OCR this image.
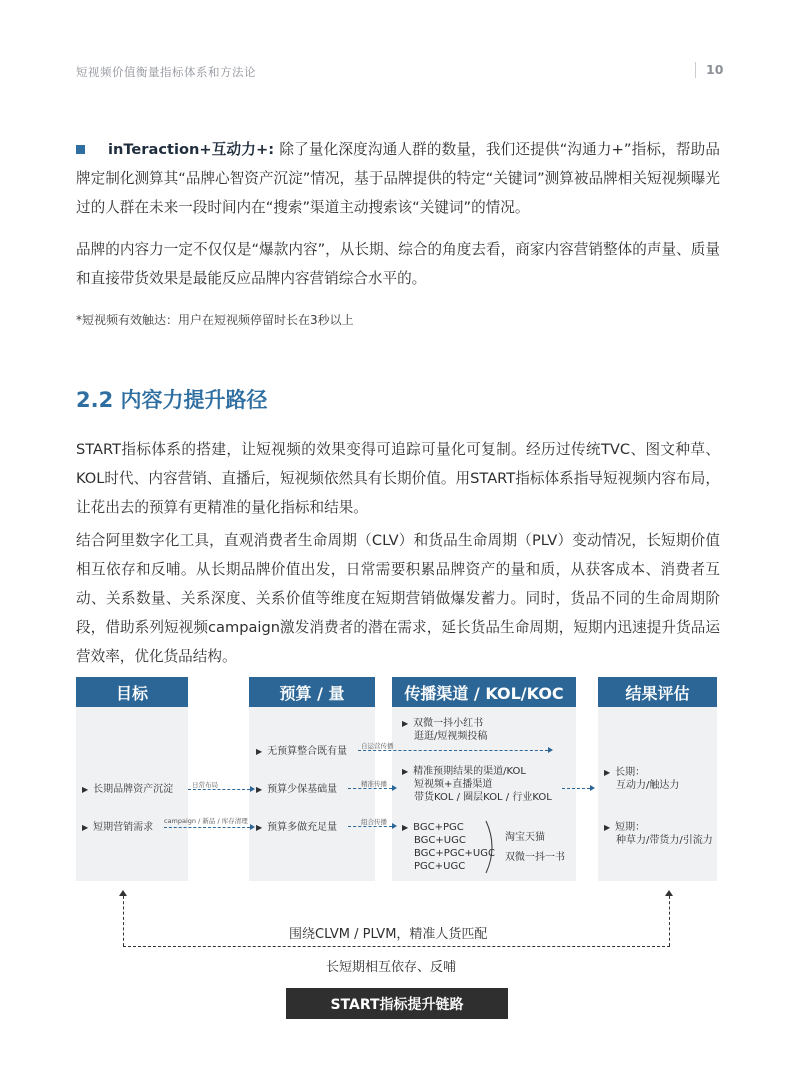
短视频价值衡量指标体系和方法论	10
inTeraction+互动力+: 除了量化深度沟通人群的数量，我们还提供“沟通力+”指标，帮助品牌定制化测算其“品牌心智资产沉淀”情况，基于品牌提供的特定“关键词”测算被品牌相关短视频曝光过的人群在未来一段时间内在“搜索”渠道主动搜索该“关键词”的情况。
品牌的内容力一定不仅仅是“爆款内容”，从长期、综合的角度去看，商家内容营销整体的声量、质量和直接带货效果是最能反应品牌内容营销综合水平的。
*短视频有效触达：用户在短视频停留时长在3秒以上
2.2 内容力提升路径
START指标体系的搭建，让短视频的效果变得可追踪可量化可复制。经历过传统TVC、图文种草、KOL时代、内容营销、直播后，短视频依然具有长期价值。用START指标体系指导短视频内容布局，让花出去的预算有更精准的量化指标和结果。
结合阿里数字化工具，直观消费者生命周期（CLV）和货品生命周期（PLV）变动情况，长短期价值相互依存和反哺。从长期品牌价值出发，日常需要积累品牌资产的量和质，从获客成本、消费者互动、关系数量、关系深度、关系价值等维度在短期营销做爆发蓄力。同时，货品不同的生命周期阶段，借助系列短视频campaign激发消费者的潜在需求，延长货品生命周期，短期内迅速提升货品运营效率，优化货品结构。
目标	预算 / 量	传播渠道 / KOL/KOC	结果评估
▶ 长期品牌资产沉淀
▶ 短期营销需求
日常布局
campaign / 新品 / 库存清理
▶ 无预算整合既有量
▶ 预算少保基础量
▶ 预算多做充足量
自运营传播
精准传播
组合传播
▶ 双微一抖小红书
逛逛/短视频投稿
▶ 精准预期结果的渠道/KOL
短视频+直播渠道
带货KOL / 圈层KOL / 行业KOL
▶ BGC+PGC
BGC+UGC
BGC+PGC+UGC
PGC+UGC
淘宝天猫
双微一抖一书
▶ 长期：
互动力/触达力
▶ 短期：
种草力/带货力/引流力
围绕CLVM / PLVM，精准人货匹配
长短期相互依存、反哺
START指标提升链路
